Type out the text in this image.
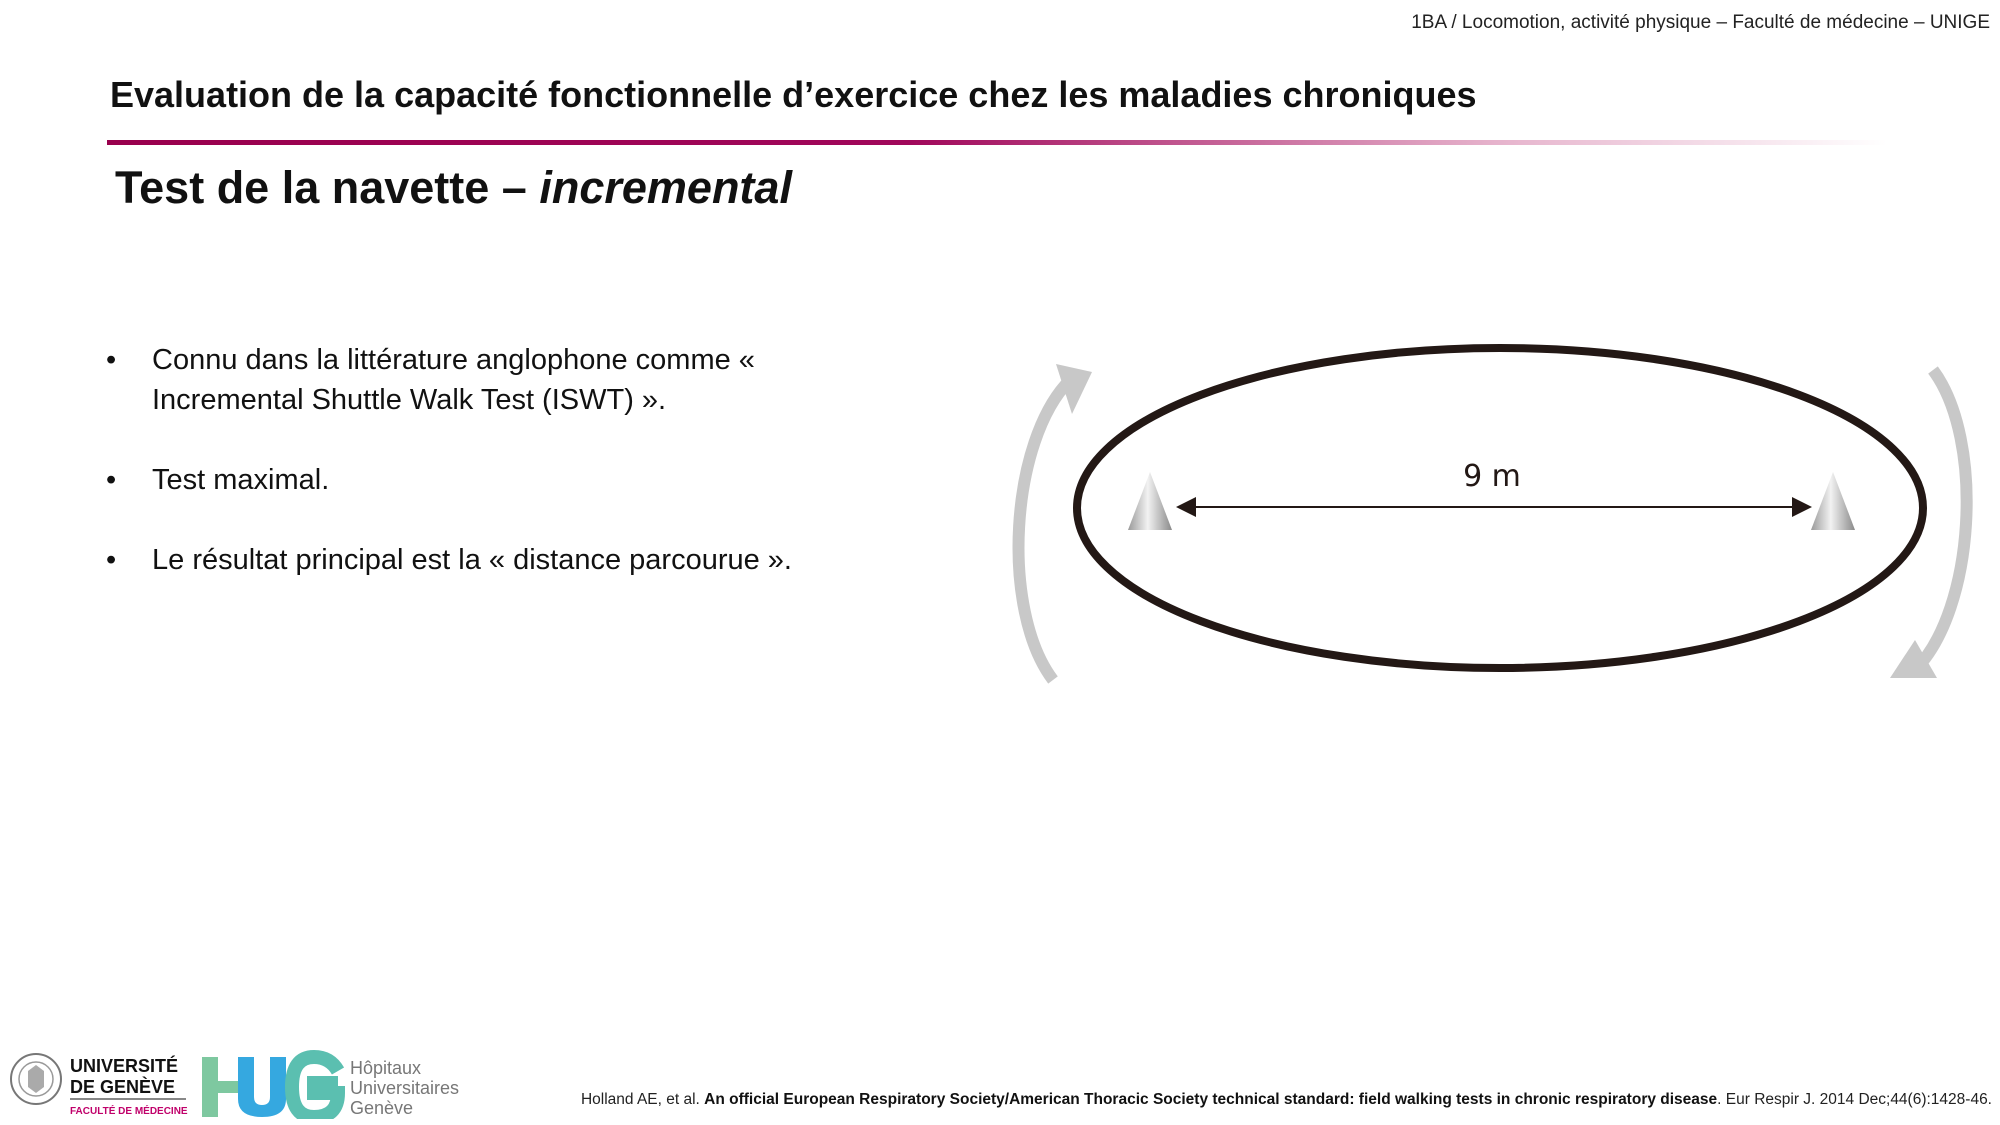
1BA / Locomotion, activité physique – Faculté de médecine – UNIGE
Evaluation de la capacité fonctionnelle d’exercice chez les maladies chroniques
Test de la navette – incremental
• Connu dans la littérature anglophone comme « Incremental Shuttle Walk Test (ISWT) ».
• Test maximal.
• Le résultat principal est la « distance parcourue ».
9 m
UNIVERSITÉ
DE GENÈVE
FACULTÉ DE MÉDECINE
Hôpitaux
Universitaires
Genève	Holland AE, et al. An official European Respiratory Society/American Thoracic Society technical standard: field walking tests in chronic respiratory disease. Eur Respir J. 2014 Dec;44(6):1428-46.
